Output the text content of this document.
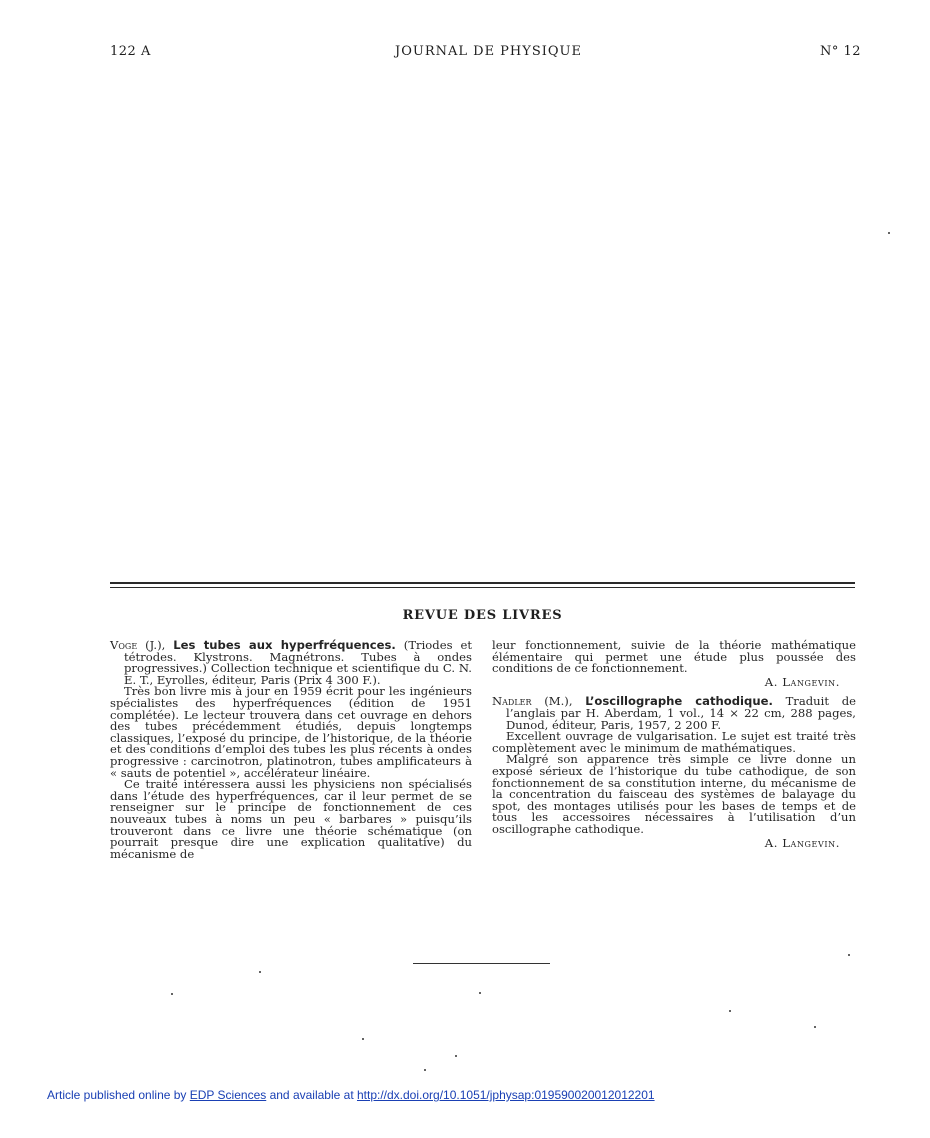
122 A	JOURNAL DE PHYSIQUE	N° 12
REVUE DES LIVRES

Voge (J.), Les tubes aux hyperfréquences. (Triodes et tétrodes. Klystrons. Magnétrons. Tubes à ondes progressives.) Collection technique et scientifique du C. N. E. T., Eyrolles, éditeur, Paris (Prix 4 300 F.).

Très bon livre mis à jour en 1959 écrit pour les ingénieurs spécialistes des hyperfréquences (édition de 1951 complétée). Le lecteur trouvera dans cet ouvrage en dehors des tubes précédemment étudiés, depuis longtemps classiques, l’exposé du principe, de l’historique, de la théorie et des conditions d’emploi des tubes les plus récents à ondes progressive : carcinotron, platinotron, tubes amplificateurs à « sauts de potentiel », accélérateur linéaire.

Ce traité intéressera aussi les physiciens non spécialisés dans l’étude des hyperfréquences, car il leur permet de se renseigner sur le principe de fonctionnement de ces nouveaux tubes à noms un peu « barbares » puisqu’ils trouveront dans ce livre une théorie schématique (on pourrait presque dire une explication qualitative) du mécanisme de

leur fonctionnement, suivie de la théorie mathématique élémentaire qui permet une étude plus poussée des conditions de ce fonctionnement.

A. Langevin.

Nadler (M.), L’oscillographe cathodique. Traduit de l’anglais par H. Aberdam, 1 vol., 14 × 22 cm, 288 pages, Dunod, éditeur, Paris, 1957, 2 200 F.

Excellent ouvrage de vulgarisation. Le sujet est traité très complètement avec le minimum de mathématiques.

Malgré son apparence très simple ce livre donne un exposé sérieux de l’historique du tube cathodique, de son fonctionnement de sa constitution interne, du mécanisme de la concentration du faisceau des systèmes de balayage du spot, des montages utilisés pour les bases de temps et de tous les accessoires nécessaires à l’utilisation d’un oscillographe cathodique.

A. Langevin.

Article published online by EDP Sciences and available at http://dx.doi.org/10.1051/jphysap:019590020012012201
